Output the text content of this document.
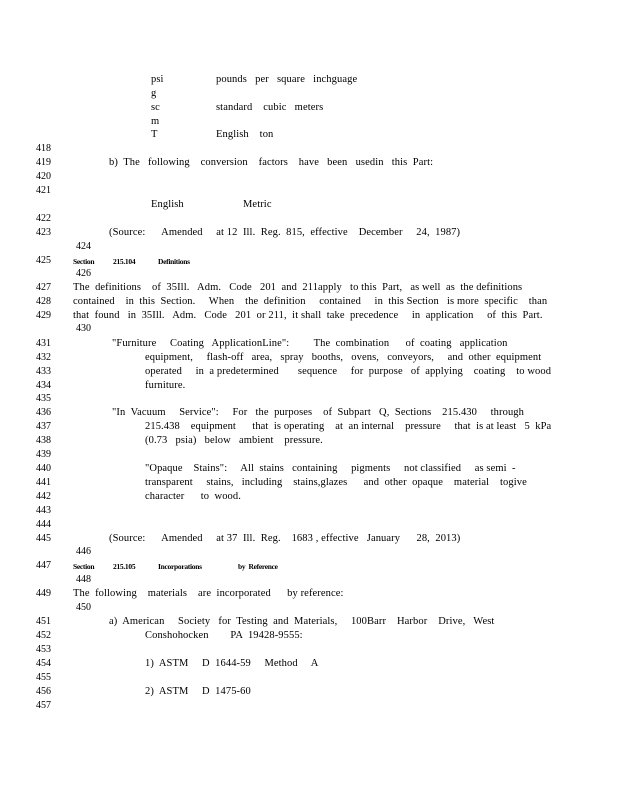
psi	pounds   per   square   inchguage
g
sc	standard    cubic   meters
m
T	English    ton
418
419
420
421
422
423
424
425
426
427
428
429
430
431
432
433
434
435
436
437
438
439
440
441
442
443
444
445
446
447
448
449
450
451
452
453
454
455
456
457
b)  The   following    conversion    factors    have   been   usedin   this  Part:
English	Metric
(Source:      Amended     at 12  Ill.  Reg.  815,  effective    December     24,  1987)
Section	215.104	Definitions
The  definitions    of  35Ill.   Adm.   Code   201  and  211apply   to this  Part,   as well  as  the definitions
contained    in  this  Section.     When    the  definition     contained     in  this Section   is more  specific    than
that  found   in  35Ill.   Adm.   Code   201  or 211,  it shall  take  precedence     in  application     of  this  Part.
"Furniture     Coating   ApplicationLine":         The  combination      of  coating   application
equipment,     flash-off   area,   spray   booths,   ovens,   conveyors,     and  other  equipment
operated     in  a predetermined       sequence     for  purpose   of  applying    coating    to wood
furniture.
"In  Vacuum     Service":     For   the  purposes    of  Subpart   Q,  Sections    215.430     through
215.438    equipment      that  is operating    at  an internal    pressure     that  is at least   5  kPa
(0.73   psia)   below   ambient    pressure.
"Opaque    Stains":     All  stains   containing     pigments     not classified     as semi  -
transparent     stains,   including    stains,glazes      and  other  opaque    material    togive
character      to  wood.
(Source:      Amended     at 37  Ill.  Reg.    1683 , effective   January      28,  2013)
Section	215.105	Incorporations	by  Reference
The  following    materials    are  incorporated      by reference:
a)  American     Society   for  Testing  and  Materials,     100Barr    Harbor    Drive,   West
Conshohocken        PA  19428-9555:
1)  ASTM     D  1644-59     Method     A
2)  ASTM     D  1475-60
